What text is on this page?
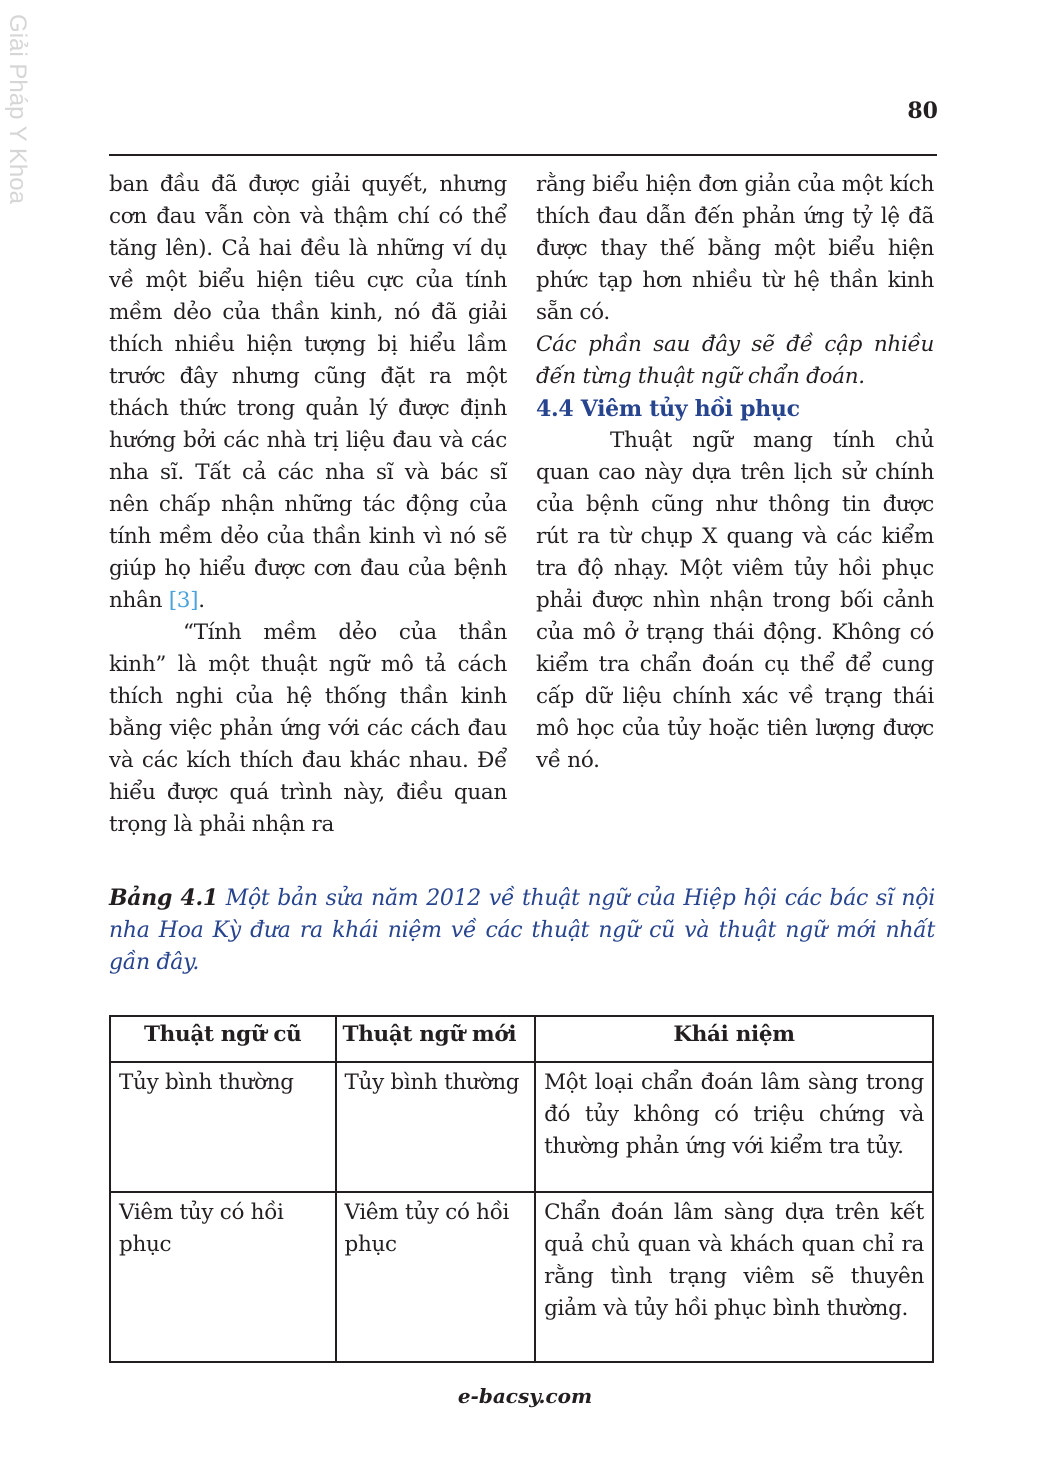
Giải Pháp Y Khoa	80

ban đầu đã được giải quyết, nhưng cơn đau vẫn còn và thậm chí có thể tăng lên). Cả hai đều là những ví dụ về một biểu hiện tiêu cực của tính mềm dẻo của thần kinh, nó đã giải thích nhiều hiện tượng bị hiểu lầm trước đây nhưng cũng đặt ra một thách thức trong quản lý được định hướng bởi các nhà trị liệu đau và các nha sĩ. Tất cả các nha sĩ và bác sĩ nên chấp nhận những tác động của tính mềm dẻo của thần kinh vì nó sẽ giúp họ hiểu được cơn đau của bệnh nhân [3].

“Tính mềm dẻo của thần kinh” là một thuật ngữ mô tả cách thích nghi của hệ thống thần kinh bằng việc phản ứng với các cách đau và các kích thích đau khác nhau. Để hiểu được quá trình này, điều quan trọng là phải nhận ra

rằng biểu hiện đơn giản của một kích thích đau dẫn đến phản ứng tỷ lệ đã được thay thế bằng một biểu hiện phức tạp hơn nhiều từ hệ thần kinh sẵn có.

Các phần sau đây sẽ đề cập nhiều đến từng thuật ngữ chẩn đoán.

4.4 Viêm tủy hồi phục

Thuật ngữ mang tính chủ quan cao này dựa trên lịch sử chính của bệnh cũng như thông tin được rút ra từ chụp X quang và các kiểm tra độ nhạy. Một viêm tủy hồi phục phải được nhìn nhận trong bối cảnh của mô ở trạng thái động. Không có kiểm tra chẩn đoán cụ thể để cung cấp dữ liệu chính xác về trạng thái mô học của tủy hoặc tiên lượng được về nó.

Bảng 4.1 Một bản sửa năm 2012 về thuật ngữ của Hiệp hội các bác sĩ nội nha Hoa Kỳ đưa ra khái niệm về các thuật ngữ cũ và thuật ngữ mới nhất gần đây.
Thuật ngữ cũ	Thuật ngữ mới	Khái niệm
Tủy bình thường	Tủy bình thường	Một loại chẩn đoán lâm sàng trong đó tủy không có triệu chứng và thường phản ứng với kiểm tra tủy.
Viêm tủy có hồi phục	Viêm tủy có hồi phục	Chẩn đoán lâm sàng dựa trên kết quả chủ quan và khách quan chỉ ra rằng tình trạng viêm sẽ thuyên giảm và tủy hồi phục bình thường.
e-bacsy.com
